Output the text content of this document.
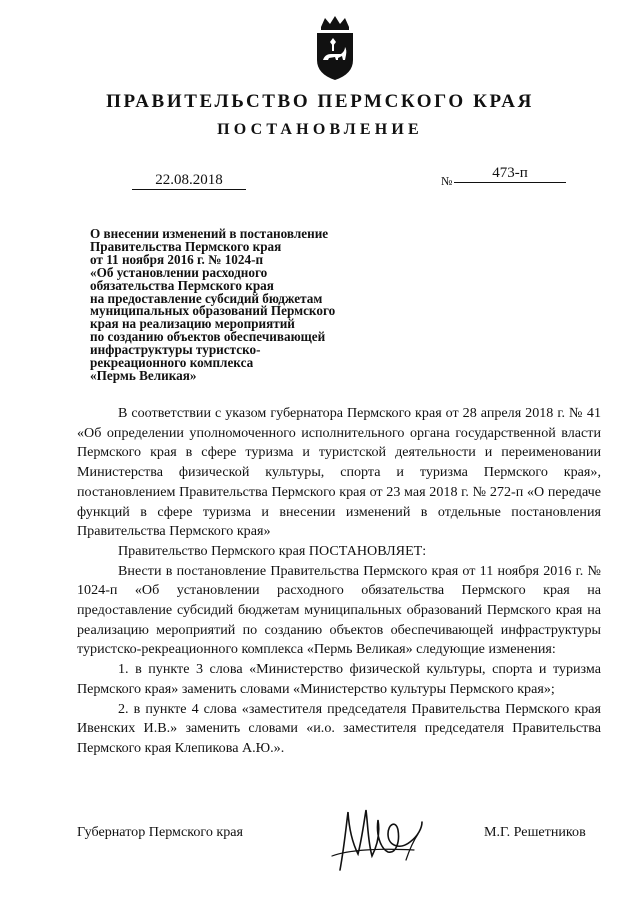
ПРАВИТЕЛЬСТВО ПЕРМСКОГО КРАЯ
ПОСТАНОВЛЕНИЕ
22.08.2018	№	473-п
О внесении изменений в постановление
Правительства Пермского края
от 11 ноября 2016 г. № 1024-п
«Об установлении расходного
обязательства Пермского края
на предоставление субсидий бюджетам
муниципальных образований Пермского
края на реализацию мероприятий
по созданию объектов обеспечивающей
инфраструктуры туристско-
рекреационного комплекса
«Пермь Великая»

В соответствии с указом губернатора Пермского края от 28 апреля 2018 г. № 41 «Об определении уполномоченного исполнительного органа государственной власти Пермского края в сфере туризма и туристской деятельности и переименовании Министерства физической культуры, спорта и туризма Пермского края», постановлением Правительства Пермского края от 23 мая 2018 г. № 272-п «О передаче функций в сфере туризма и внесении изменений в отдельные постановления Правительства Пермского края»

Правительство Пермского края ПОСТАНОВЛЯЕТ:

Внести в постановление Правительства Пермского края от 11 ноября 2016 г. № 1024-п «Об установлении расходного обязательства Пермского края на предоставление субсидий бюджетам муниципальных образований Пермского края на реализацию мероприятий по созданию объектов обеспечивающей инфраструктуры туристско-рекреационного комплекса «Пермь Великая» следующие изменения:

1. в пункте 3 слова «Министерство физической культуры, спорта и туризма Пермского края» заменить словами «Министерство культуры Пермского края»;

2. в пункте 4 слова «заместителя председателя Правительства Пермского края Ивенских И.В.» заменить словами «и.о. заместителя председателя Правительства Пермского края Клепикова А.Ю.».

Губернатор Пермского края	М.Г. Решетников
